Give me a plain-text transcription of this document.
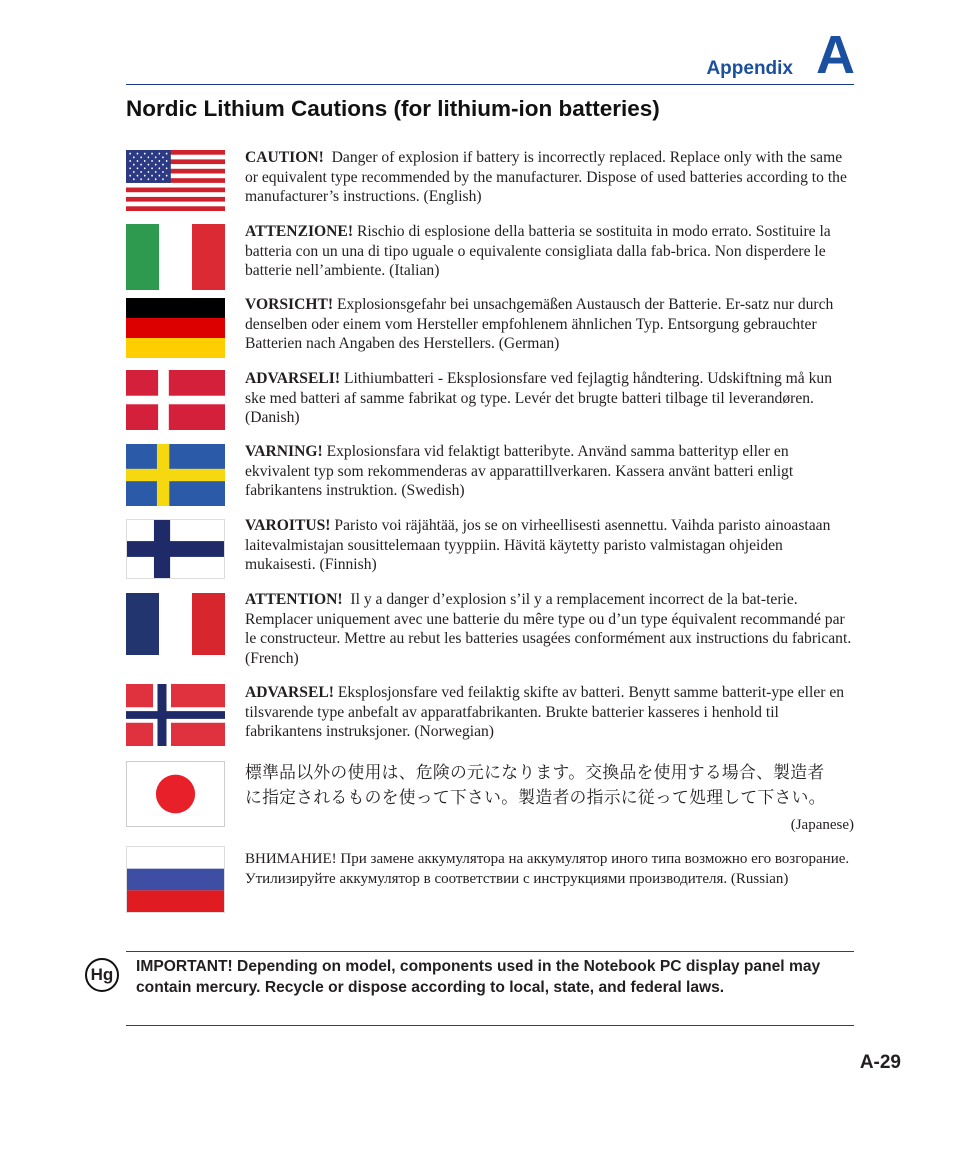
Appendix A
Nordic Lithium Cautions (for lithium-ion batteries)
CAUTION! Danger of explosion if battery is incorrectly replaced. Replace only with the same or equivalent type recommended by the manufacturer. Dispose of used batteries according to the manufacturer’s instructions. (English)
ATTENZIONE! Rischio di esplosione della batteria se sostituita in modo errato. Sostituire la batteria con un una di tipo uguale o equivalente consigliata dalla fab-brica. Non disperdere le batterie nell’ambiente. (Italian)
VORSICHT! Explosionsgefahr bei unsachgemäßen Austausch der Batterie. Er-satz nur durch denselben oder einem vom Hersteller empfohlenem ähnlichen Typ. Entsorgung gebrauchter Batterien nach Angaben des Herstellers. (German)
ADVARSELI! Lithiumbatteri - Eksplosionsfare ved fejlagtig håndtering. Udskiftning må kun ske med batteri af samme fabrikat og type. Levér det brugte batteri tilbage til leverandøren. (Danish)
VARNING! Explosionsfara vid felaktigt batteribyte. Använd samma batterityp eller en ekvivalent typ som rekommenderas av apparattillverkaren. Kassera använt batteri enligt fabrikantens instruktion. (Swedish)
VAROITUS! Paristo voi räjähtää, jos se on virheellisesti asennettu. Vaihda paristo ainoastaan laitevalmistajan sousittelemaan tyyppiin. Hävitä käytetty paristo valmistagan ohjeiden mukaisesti. (Finnish)
ATTENTION! Il y a danger d’explosion s’il y a remplacement incorrect de la bat-terie. Remplacer uniquement avec une batterie du mêre type ou d’un type équivalent recommandé par le constructeur. Mettre au rebut les batteries usagées conformément aux instructions du fabricant. (French)
ADVARSEL! Eksplosjonsfare ved feilaktig skifte av batteri. Benytt samme batterit-ype eller en tilsvarende type anbefalt av apparatfabrikanten. Brukte batterier kasseres i henhold til fabrikantens instruksjoner. (Norwegian)
標準品以外の使用は、危険の元になります。交換品を使用する場合、製造者
に指定されるものを使って下さい。製造者の指示に従って処理して下さい。
(Japanese)
ВНИМАНИЕ! При замене аккумулятора на аккумулятор иного типа возможно его возгорание. Утилизируйте аккумулятор в соответствии с инструкциями производителя. (Russian)
Hg	IMPORTANT! Depending on model, components used in the Notebook PC display panel may contain mercury. Recycle or dispose according to local, state, and federal laws.
A-29
